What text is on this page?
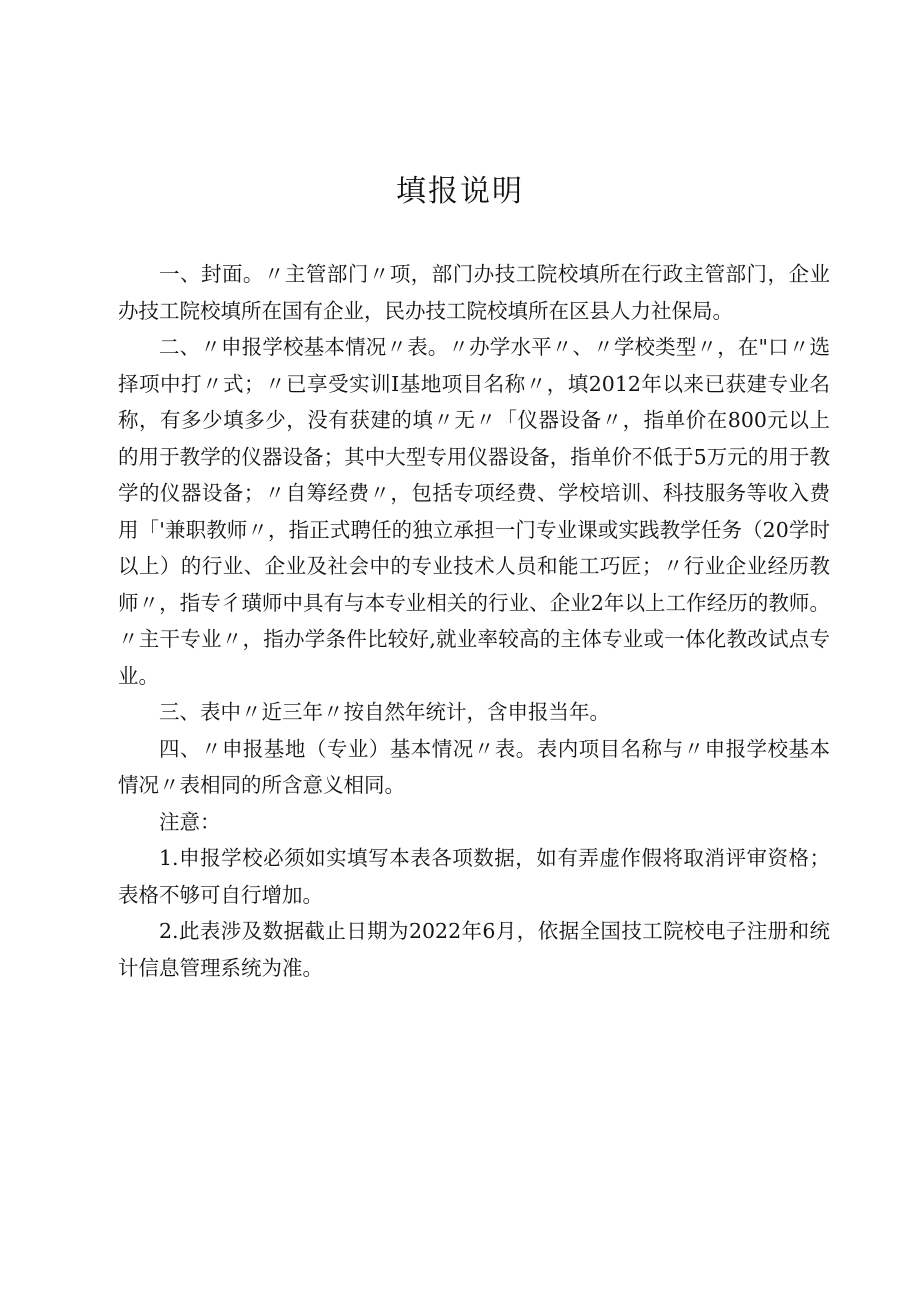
填报说明

一、封面。〃主管部门〃项，部门办技工院校填所在行政主管部门，企业办技工院校填所在国有企业，民办技工院校填所在区县人力社保局。

二、〃申报学校基本情况〃表。〃办学水平〃、〃学校类型〃，在"口〃选择项中打〃式；〃已享受实训I基地项目名称〃，填2012年以来已获建专业名称，有多少填多少，没有获建的填〃无〃「仪器设备〃，指单价在800元以上的用于教学的仪器设备；其中大型专用仪器设备，指单价不低于5万元的用于教学的仪器设备；〃自筹经费〃，包括专项经费、学校培训、科技服务等收入费用「'兼职教师〃，指正式聘任的独立承担一门专业课或实践教学任务（20学时以上）的行业、企业及社会中的专业技术人员和能工巧匠；〃行业企业经历教师〃，指专彳璜师中具有与本专业相关的行业、企业2年以上工作经历的教师。〃主干专业〃，指办学条件比较好,就业率较高的主体专业或一体化教改试点专业。

三、表中〃近三年〃按自然年统计，含申报当年。

四、〃申报基地（专业）基本情况〃表。表内项目名称与〃申报学校基本情况〃表相同的所含意义相同。

注意：

1.申报学校必须如实填写本表各项数据，如有弄虚作假将取消评审资格；表格不够可自行增加。

2.此表涉及数据截止日期为2022年6月，依据全国技工院校电子注册和统计信息管理系统为准。
